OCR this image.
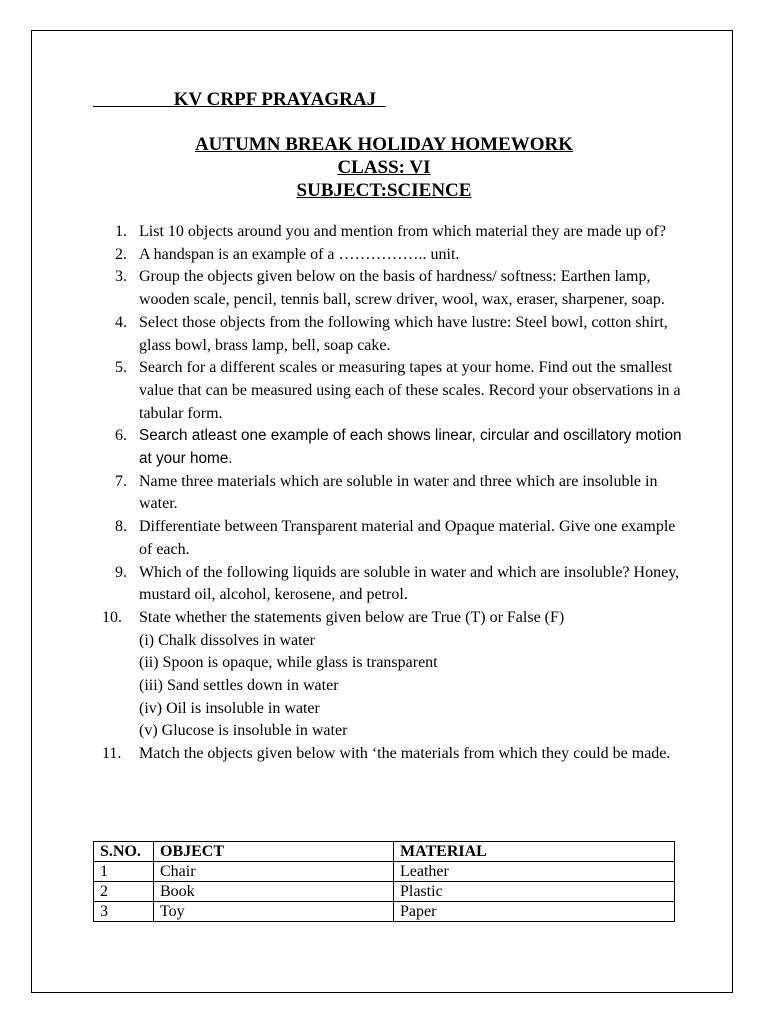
KV CRPF PRAYAGRAJ
AUTUMN BREAK HOLIDAY HOMEWORK
CLASS: VI
SUBJECT:SCIENCE
1. List 10 objects around you and mention from which material they are made up of?
2. A handspan is an example of a …………….. unit.
3. Group the objects given below on the basis of hardness/ softness: Earthen lamp, wooden scale, pencil, tennis ball, screw driver, wool, wax, eraser, sharpener, soap.
4. Select those objects from the following which have lustre: Steel bowl, cotton shirt, glass bowl, brass lamp, bell, soap cake.
5. Search for a different scales or measuring tapes at your home. Find out the smallest value that can be measured using each of these scales. Record your observations in a tabular form.
6. Search atleast one example of each shows linear, circular and oscillatory motion at your home.
7. Name three materials which are soluble in water and three which are insoluble in water.
8. Differentiate between Transparent material and Opaque material. Give one example of each.
9. Which of the following liquids are soluble in water and which are insoluble? Honey, mustard oil, alcohol, kerosene, and petrol.
10.	State whether the statements given below are True (T) or False (F)
(i) Chalk dissolves in water
(ii) Spoon is opaque, while glass is transparent
(iii) Sand settles down in water
(iv) Oil is insoluble in water
(v) Glucose is insoluble in water
11.	Match the objects given below with ‘the materials from which they could be made.
S.NO.	OBJECT	MATERIAL
1	Chair	Leather
2	Book	Plastic
3	Toy	Paper
